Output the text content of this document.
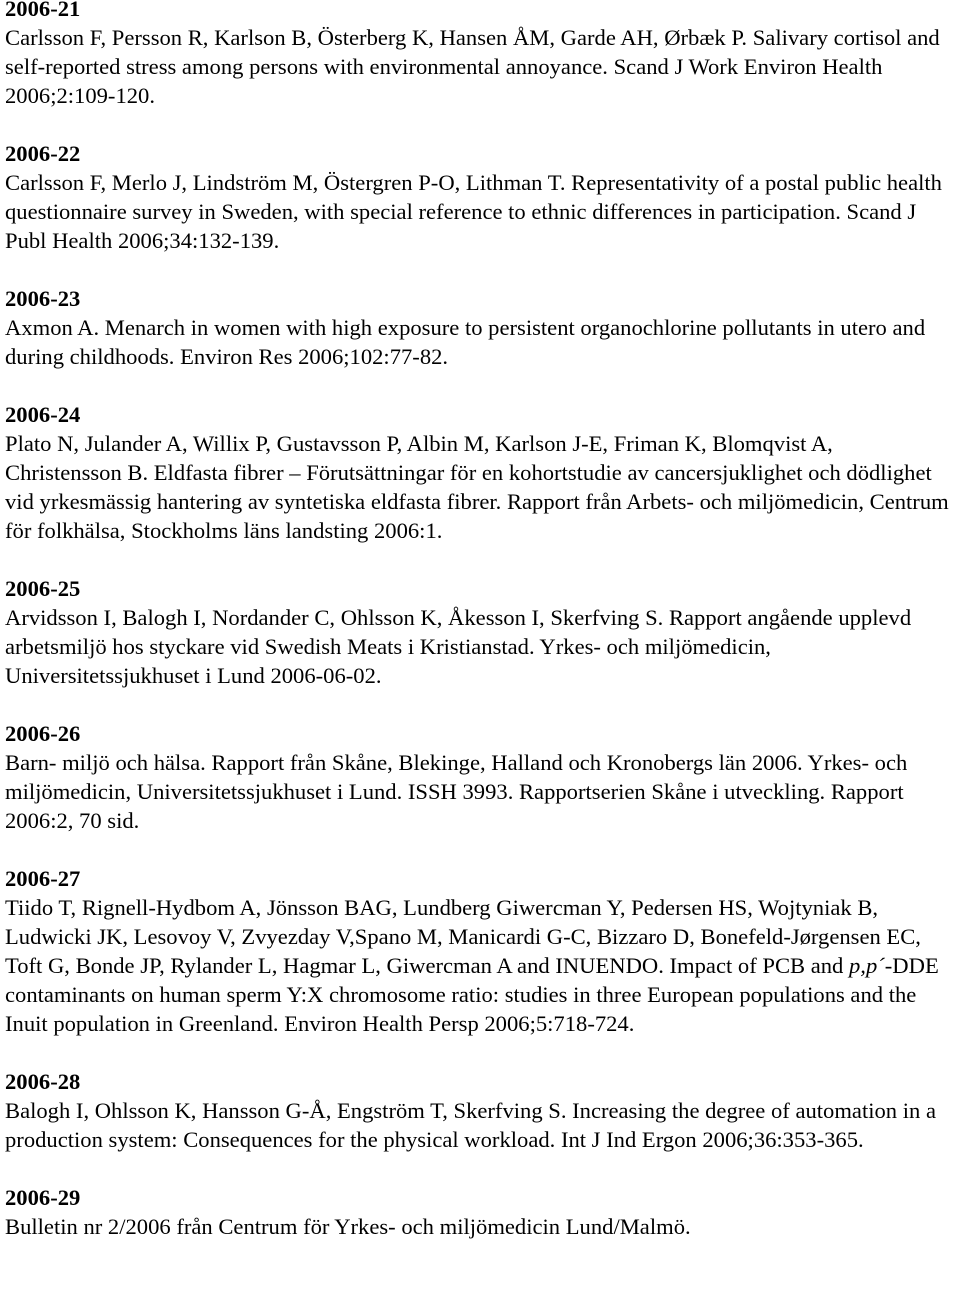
2006-21
Carlsson F, Persson R, Karlson B, Österberg K, Hansen ÅM, Garde AH, Ørbæk P. Salivary cortisol and self-reported stress among persons with environmental annoyance. Scand J Work Environ Health 2006;2:109-120.
2006-22
Carlsson F, Merlo J, Lindström M, Östergren P-O, Lithman T. Representativity of a postal public health questionnaire survey in Sweden, with special reference to ethnic differences in participation. Scand J Publ Health 2006;34:132-139.
2006-23
Axmon A. Menarch in women with high exposure to persistent organochlorine pollutants in utero and during childhoods. Environ Res 2006;102:77-82.
2006-24
Plato N, Julander A, Willix P, Gustavsson P, Albin M, Karlson J-E, Friman K, Blomqvist A, Christensson B. Eldfasta fibrer – Förutsättningar för en kohortstudie av cancersjuklighet och dödlighet vid yrkesmässig hantering av syntetiska eldfasta fibrer. Rapport från Arbets- och miljömedicin, Centrum för folkhälsa, Stockholms läns landsting 2006:1.
2006-25
Arvidsson I, Balogh I, Nordander C, Ohlsson K, Åkesson I, Skerfving S. Rapport angående upplevd arbetsmiljö hos styckare vid Swedish Meats i Kristianstad. Yrkes- och miljömedicin, Universitetssjukhuset i Lund 2006-06-02.
2006-26
Barn- miljö och hälsa. Rapport från Skåne, Blekinge, Halland och Kronobergs län 2006. Yrkes- och miljömedicin, Universitetssjukhuset i Lund. ISSH 3993. Rapportserien Skåne i utveckling. Rapport 2006:2, 70 sid.
2006-27
Tiido T, Rignell-Hydbom A, Jönsson BAG, Lundberg Giwercman Y, Pedersen HS, Wojtyniak B, Ludwicki JK, Lesovoy V, Zvyezday V,Spano M, Manicardi G-C, Bizzaro D, Bonefeld-Jørgensen EC, Toft G, Bonde JP, Rylander L, Hagmar L, Giwercman A and INUENDO. Impact of PCB and p,p´-DDE contaminants on human sperm Y:X chromosome ratio: studies in three European populations and the Inuit population in Greenland. Environ Health Persp 2006;5:718-724.
2006-28
Balogh I, Ohlsson K, Hansson G-Å, Engström T, Skerfving S. Increasing the degree of automation in a production system: Consequences for the physical workload. Int J Ind Ergon 2006;36:353-365.
2006-29
Bulletin nr 2/2006 från Centrum för Yrkes- och miljömedicin Lund/Malmö.
